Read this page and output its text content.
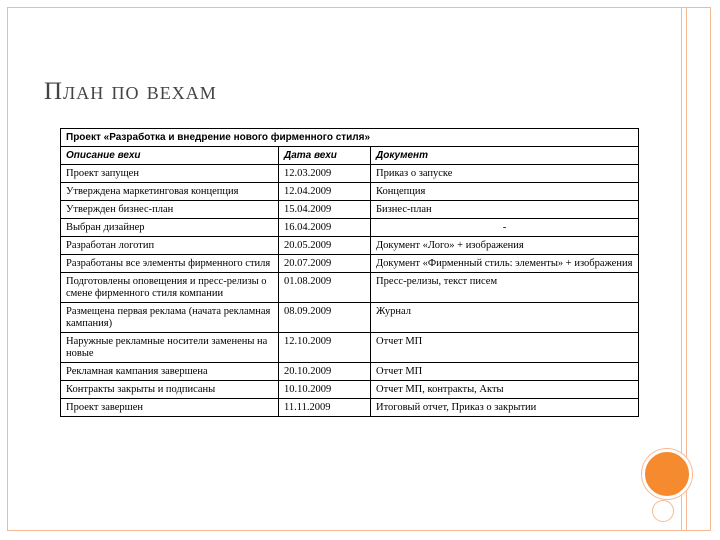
План по вехам
Проект «Разработка и внедрение нового фирменного стиля»		
Описание вехи	Дата вехи	Документ
Проект запущен	12.03.2009	Приказ о запуске
Утверждена маркетинговая концепция	12.04.2009	Концепция
Утвержден бизнес-план	15.04.2009	Бизнес-план
Выбран дизайнер	16.04.2009	-
Разработан логотип	20.05.2009	Документ «Лого» + изображения
Разработаны все элементы фирменного стиля	20.07.2009	Документ «Фирменный стиль: элементы» + изображения
Подготовлены оповещения и пресс-релизы о смене фирменного стиля компании	01.08.2009	Пресс-релизы, текст писем
Размещена первая реклама (начата рекламная кампания)	08.09.2009	Журнал
Наружные рекламные носители заменены на новые	12.10.2009	Отчет МП
Рекламная кампания завершена	20.10.2009	Отчет МП
Контракты закрыты и подписаны	10.10.2009	Отчет МП, контракты, Акты
Проект завершен	11.11.2009	Итоговый отчет, Приказ о закрытии
